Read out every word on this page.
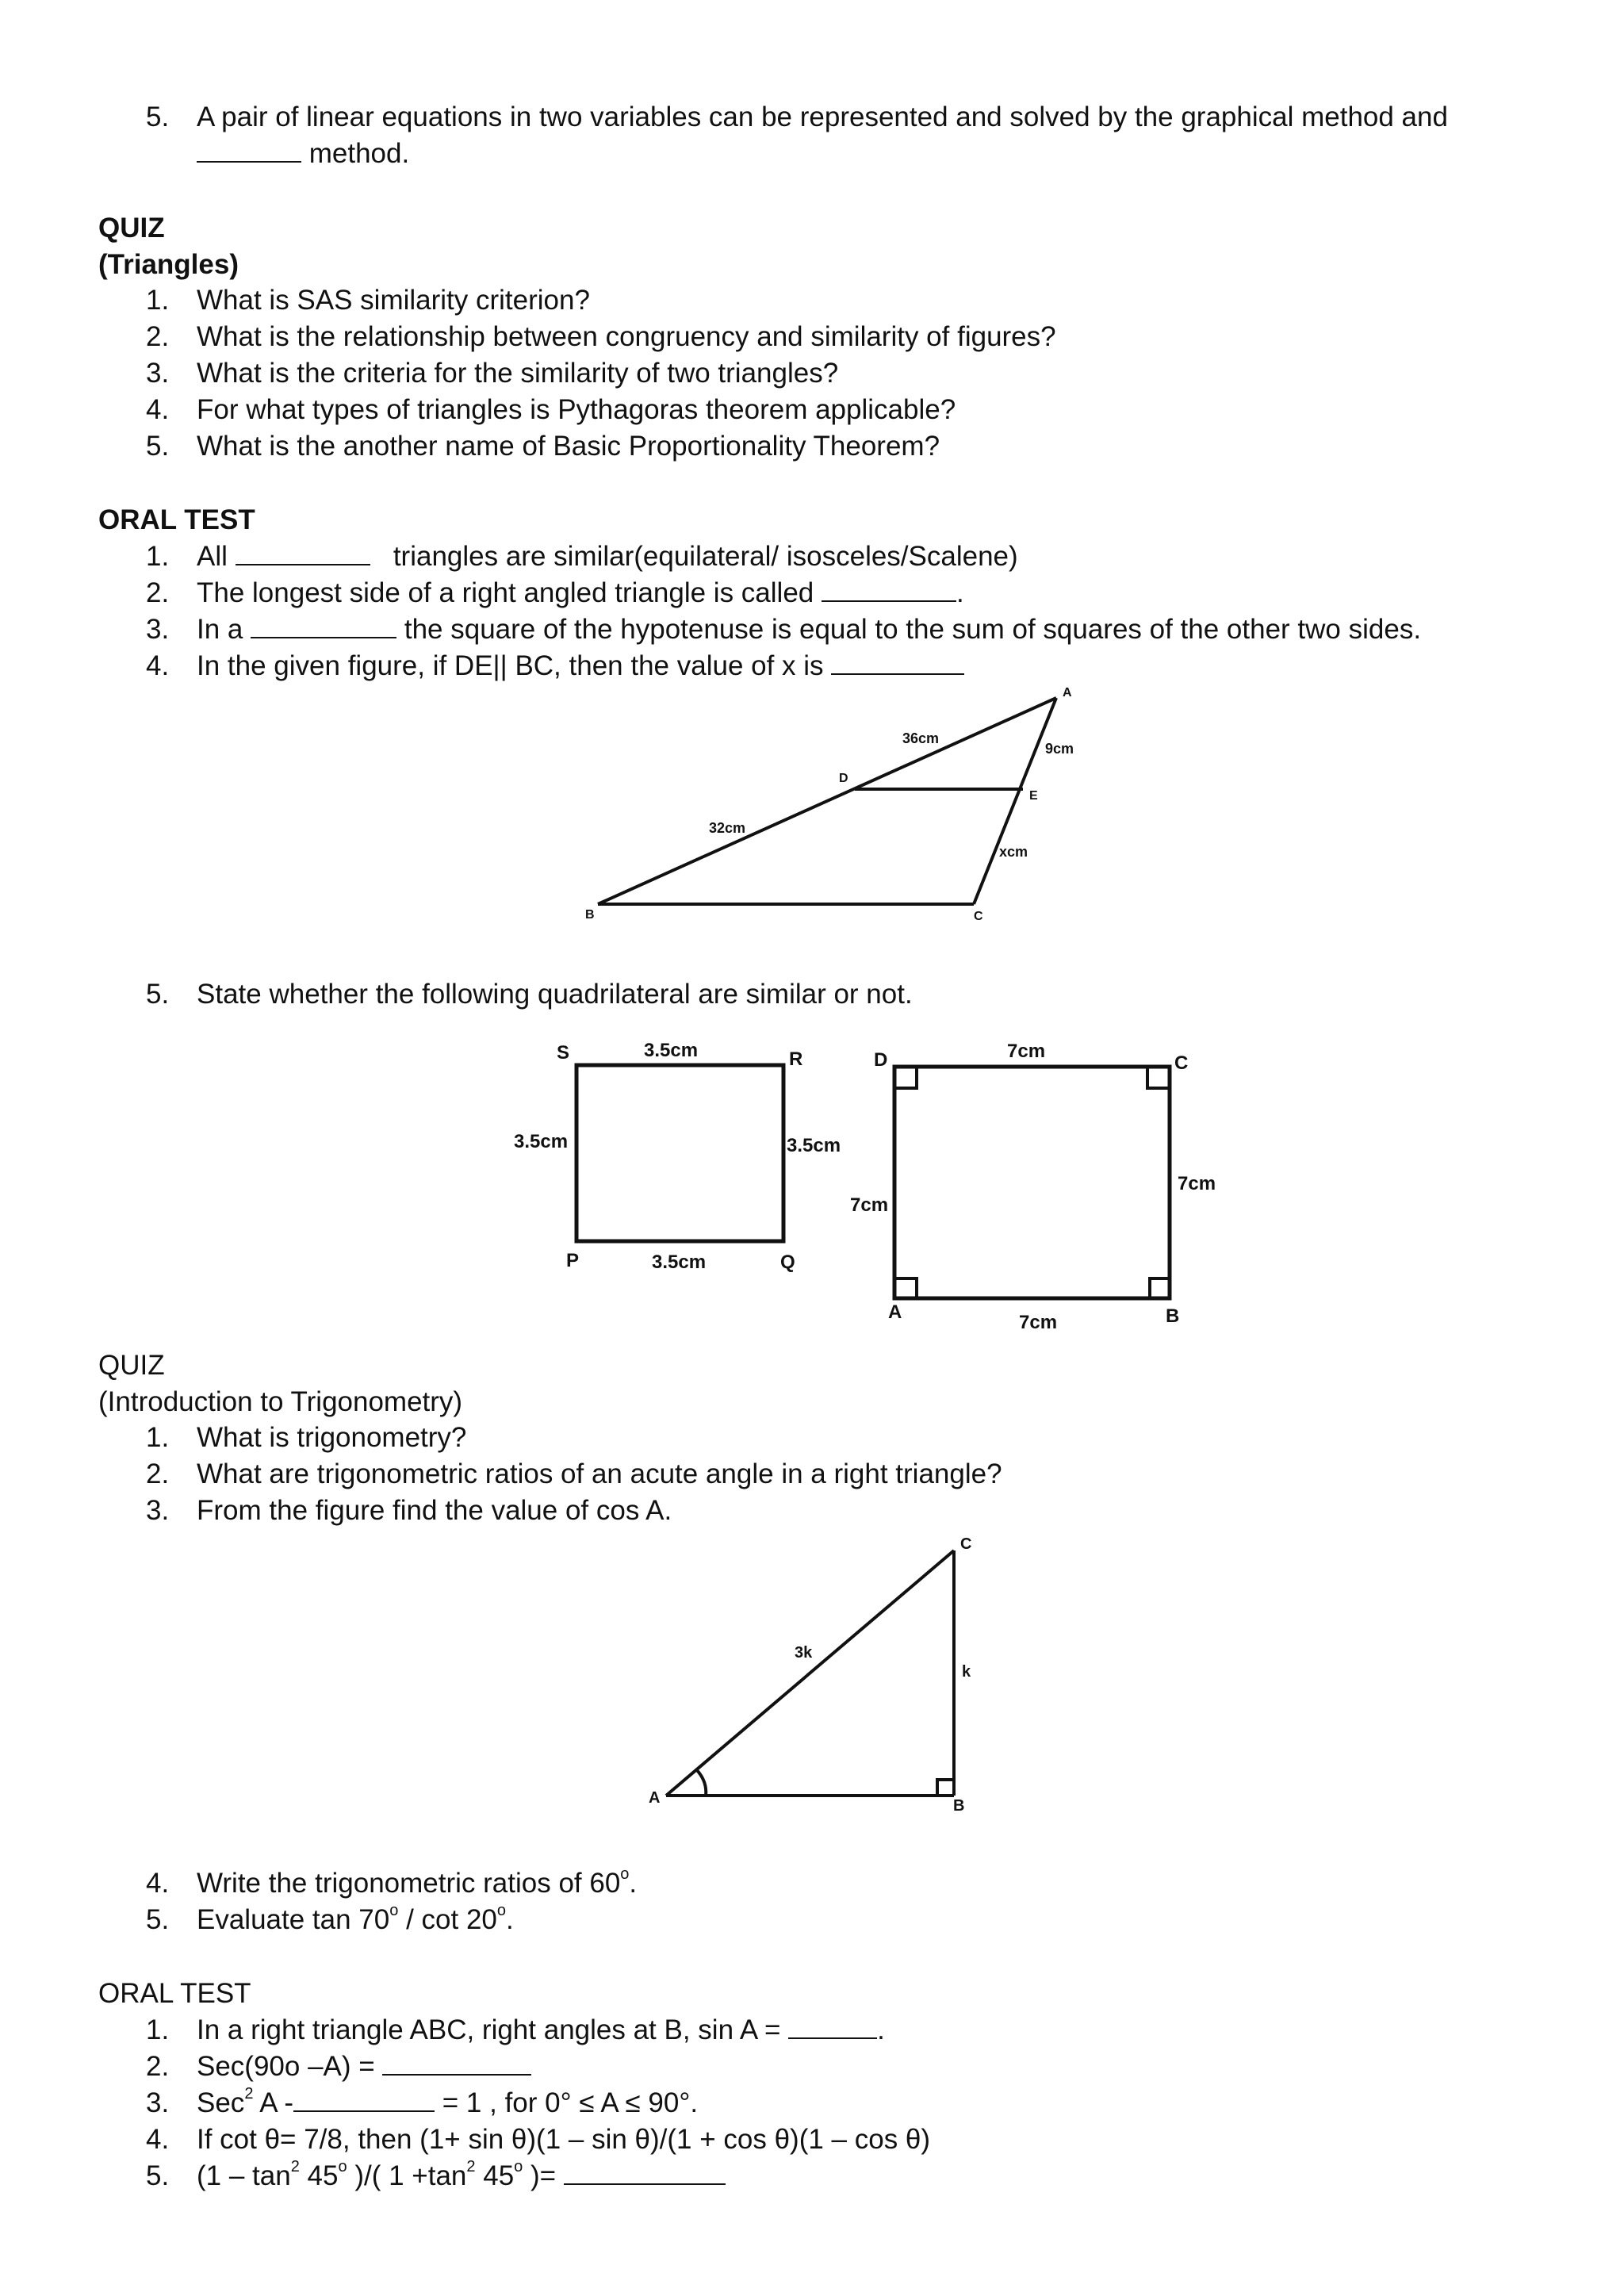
5. A pair of linear equations in two variables can be represented and solved by the graphical method and
method.
QUIZ
(Triangles)
1. What is SAS similarity criterion?
2. What is the relationship between congruency and similarity of figures?
3. What is the criteria for the similarity of two triangles?
4. For what types of triangles is Pythagoras theorem applicable?
5. What is the another name of Basic Proportionality Theorem?
ORAL TEST
1. All	triangles are similar(equilateral/ isosceles/Scalene)
2. The longest side of a right angled triangle is called	.
3. In a	the square of the hypotenuse is equal to the sum of squares of the other two sides.
4. In the given figure, if DE|| BC, then the value of x is
A
B	C
D
E
36cm
32cm
9cm
xcm
5. State whether the following quadrilateral are similar or not.
S	R
P	Q
3.5cm
3.5cm	3.5cm
3.5cm
D	C
A	B
7cm
7cm
7cm
7cm
QUIZ
(Introduction to Trigonometry)
1. What is trigonometry?
2. What are trigonometric ratios of an acute angle in a right triangle?
3. From the figure find the value of cos A.
A	B
C
3k
k
4. Write the trigonometric ratios of 60$^o$.
5. Evaluate tan 70$^o$ / cot 20$^o$.
ORAL TEST
1. In a right triangle ABC, right angles at B, sin A =	.
2. Sec(90o –A) =
3. Sec$^2$ A -	= 1 , for 0° ≤ A ≤ 90°.
4. If cot θ= 7/8, then (1+ sin θ)(1 – sin θ)/(1 + cos θ)(1 – cos θ)
5. ($1 - \tan^2 45^o$ )/( $1 +\tan^2$ 45$^o$ )=
